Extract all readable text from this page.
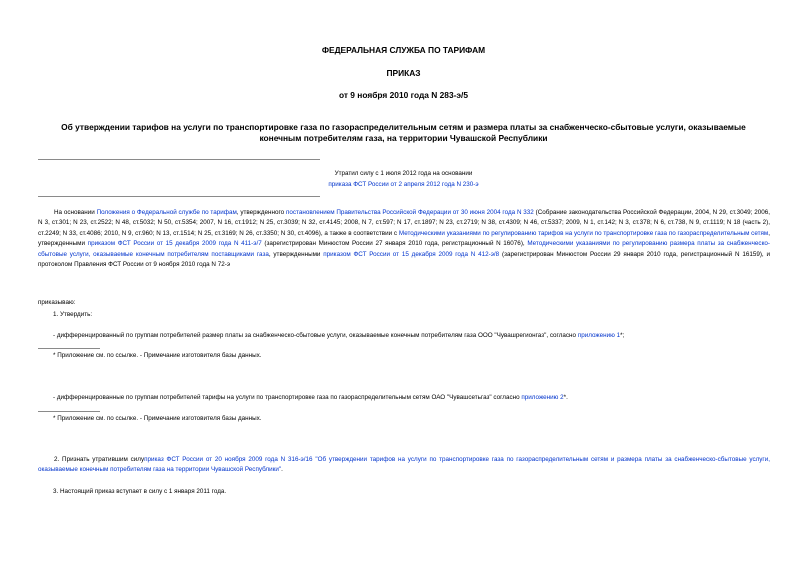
ФЕДЕРАЛЬНАЯ СЛУЖБА ПО ТАРИФАМ
ПРИКАЗ
от 9 ноября 2010 года N 283-э/5
Об утверждении тарифов на услуги по транспортировке газа по газораспределительным сетям и размера платы за снабженческо-сбытовые услуги, оказываемые
конечным потребителям газа, на территории Чувашской Республики
Утратил силу с 1 июля 2012 года на основании
приказа ФСТ России от 2 апреля 2012 года N 230-э
На основании Положения о Федеральной службе по тарифам, утвержденного постановлением Правительства Российской Федерации от 30 июня 2004 года N 332 (Собрание законодательства Российской Федерации, 2004, N 29, ст.3049; 2006, N 3, ст.301; N 23, ст.2522; N 48, ст.5032; N 50, ст.5354; 2007, N 16, ст.1912; N 25, ст.3039; N 32, ст.4145; 2008, N 7, ст.597; N 17, ст.1897; N 23, ст.2719; N 38, ст.4309; N 46, ст.5337; 2009, N 1, ст.142; N 3, ст.378; N 6, ст.738, N 9, ст.1119; N 18 (часть 2), ст.2249; N 33, ст.4086; 2010, N 9, ст.960; N 13, ст.1514; N 25, ст.3169; N 26, ст.3350; N 30, ст.4096), а также в соответствии с Методическими указаниями по регулированию тарифов на услуги по транспортировке газа по газораспределительным сетям, утвержденными приказом ФСТ России от 15 декабря 2009 года N 411-э/7 (зарегистрирован Минюстом России 27 января 2010 года, регистрационный N 16076), Методическими указаниями по регулированию размера платы за снабженческо-сбытовые услуги, оказываемые конечным потребителям поставщиками газа, утвержденными приказом ФСТ России от 15 декабря 2009 года N 412-э/8 (зарегистрирован Минюстом России 29 января 2010 года, регистрационный N 16159), и протоколом Правления ФСТ России от 9 ноября 2010 года N 72-э
приказываю:
1. Утвердить:
- дифференцированный по группам потребителей размер платы за снабженческо-сбытовые услуги, оказываемые конечным потребителям газа ООО "Чувашрегионгаз", согласно приложению 1*;
* Приложение см. по ссылке. - Примечание изготовителя базы данных.
- дифференцированные по группам потребителей тарифы на услуги по транспортировке газа по газораспределительным сетям ОАО "Чувашсетьгаз" согласно приложению 2*.
* Приложение см. по ссылке. - Примечание изготовителя базы данных.
2. Признать утратившим силуприказ ФСТ России от 20 ноября 2009 года N 316-э/16 "Об утверждении тарифов на услуги по транспортировке газа по газораспределительным сетям и размера платы за снабженческо-сбытовые услуги, оказываемые конечным потребителям газа на территории Чувашской Республики".
3. Настоящий приказ вступает в силу с 1 января 2011 года.
